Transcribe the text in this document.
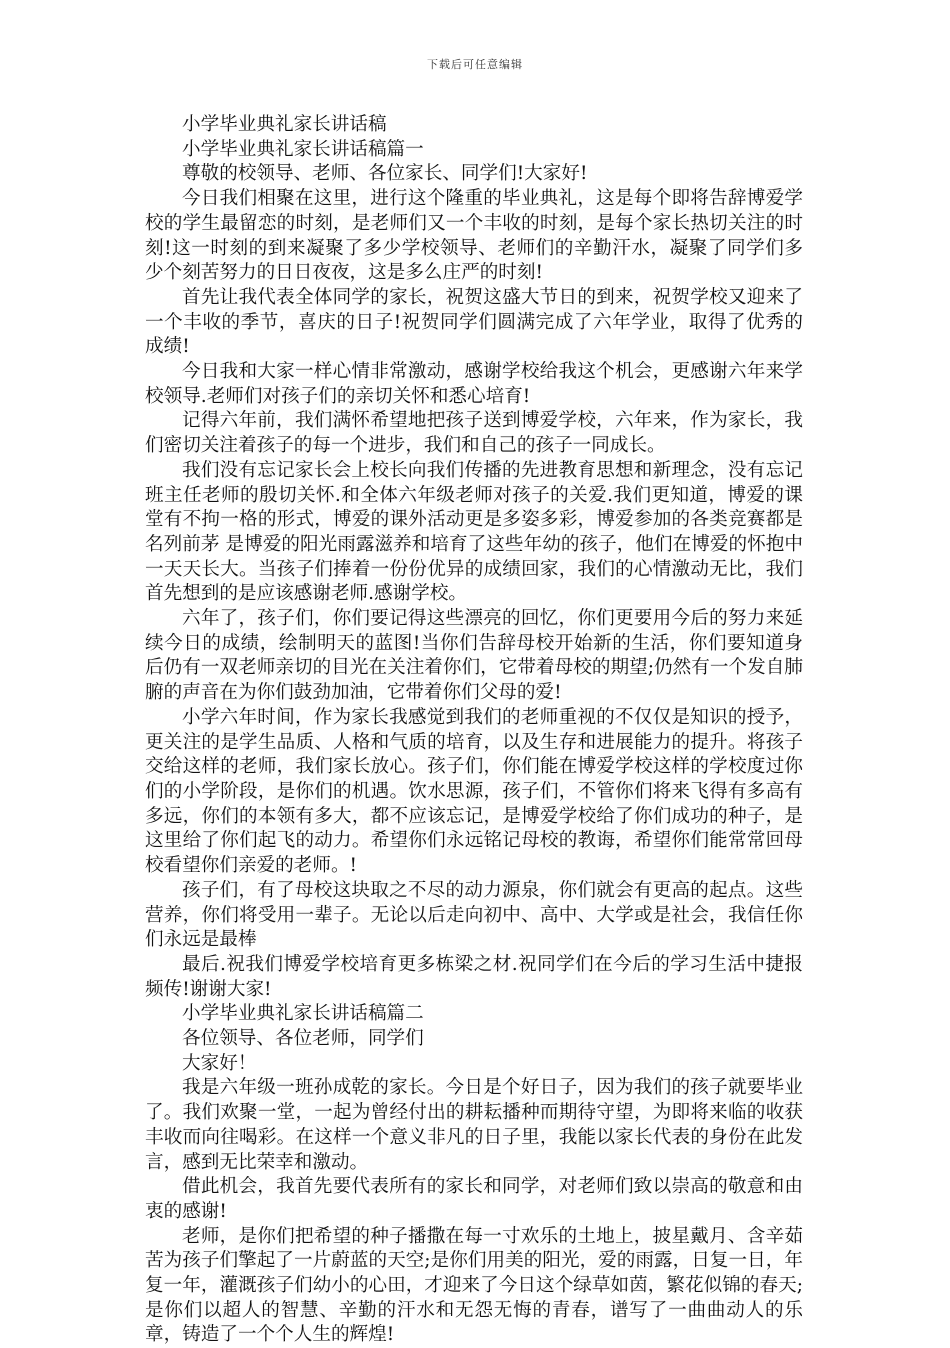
下载后可任意编辑

小学毕业典礼家长讲话稿

小学毕业典礼家长讲话稿篇一

尊敬的校领导、老师、各位家长、同学们!大家好!

今日我们相聚在这里，进行这个隆重的毕业典礼，这是每个即将告辞博爱学校的学生最留恋的时刻，是老师们又一个丰收的时刻，是每个家长热切关注的时刻!这一时刻的到来凝聚了多少学校领导、老师们的辛勤汗水，凝聚了同学们多少个刻苦努力的日日夜夜，这是多么庄严的时刻!

首先让我代表全体同学的家长，祝贺这盛大节日的到来，祝贺学校又迎来了一个丰收的季节，喜庆的日子!祝贺同学们圆满完成了六年学业，取得了优秀的成绩!

今日我和大家一样心情非常激动，感谢学校给我这个机会，更感谢六年来学校领导.老师们对孩子们的亲切关怀和悉心培育!

记得六年前，我们满怀希望地把孩子送到博爱学校，六年来，作为家长，我们密切关注着孩子的每一个进步，我们和自己的孩子一同成长。

我们没有忘记家长会上校长向我们传播的先进教育思想和新理念，没有忘记班主任老师的殷切关怀.和全体六年级老师对孩子的关爱.我们更知道，博爱的课堂有不拘一格的形式，博爱的课外活动更是多姿多彩，博爱参加的各类竞赛都是名列前茅 是博爱的阳光雨露滋养和培育了这些年幼的孩子，他们在博爱的怀抱中一天天长大。当孩子们捧着一份份优异的成绩回家，我们的心情激动无比，我们首先想到的是应该感谢老师.感谢学校。

六年了，孩子们，你们要记得这些漂亮的回忆，你们更要用今后的努力来延续今日的成绩，绘制明天的蓝图!当你们告辞母校开始新的生活，你们要知道身后仍有一双老师亲切的目光在关注着你们，它带着母校的期望;仍然有一个发自肺腑的声音在为你们鼓劲加油，它带着你们父母的爱!

小学六年时间，作为家长我感觉到我们的老师重视的不仅仅是知识的授予，更关注的是学生品质、人格和气质的培育，以及生存和进展能力的提升。将孩子交给这样的老师，我们家长放心。孩子们，你们能在博爱学校这样的学校度过你们的小学阶段，是你们的机遇。饮水思源，孩子们，不管你们将来飞得有多高有多远，你们的本领有多大，都不应该忘记，是博爱学校给了你们成功的种子，是这里给了你们起飞的动力。希望你们永远铭记母校的教诲，希望你们能常常回母校看望你们亲爱的老师。!

孩子们，有了母校这块取之不尽的动力源泉，你们就会有更高的起点。这些营养，你们将受用一辈子。无论以后走向初中、高中、大学或是社会，我信任你们永远是最棒

最后.祝我们博爱学校培育更多栋梁之材.祝同学们在今后的学习生活中捷报频传!谢谢大家!

小学毕业典礼家长讲话稿篇二

各位领导、各位老师，同学们

大家好！

我是六年级一班孙成乾的家长。今日是个好日子，因为我们的孩子就要毕业了。我们欢聚一堂，一起为曾经付出的耕耘播种而期待守望，为即将来临的收获丰收而向往喝彩。在这样一个意义非凡的日子里，我能以家长代表的身份在此发言，感到无比荣幸和激动。

借此机会，我首先要代表所有的家长和同学，对老师们致以崇高的敬意和由衷的感谢!

老师，是你们把希望的种子播撒在每一寸欢乐的土地上，披星戴月、含辛茹苦为孩子们擎起了一片蔚蓝的天空;是你们用美的阳光，爱的雨露，日复一日，年复一年，灌溉孩子们幼小的心田，才迎来了今日这个绿草如茵，繁花似锦的春天;是你们以超人的智慧、辛勤的汗水和无怨无悔的青春，谱写了一曲曲动人的乐章，铸造了一个个人生的辉煌!
